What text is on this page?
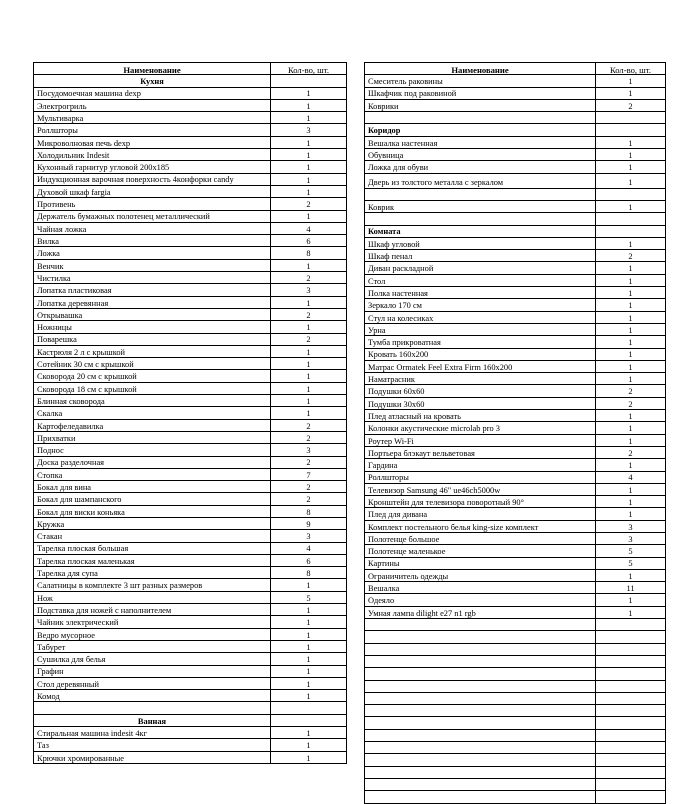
Наименование	Кол-во, шт.
Кухня	
Посудомоечная машина dexp	1
Электрогриль	1
Мультиварка	1
Роллшторы	3
Микроволновая печь dexp	1
Холодильник Indesit	1
Кухонный гарнитур угловой 200х185	1
Индукционная варочная поверхность 4конфорки candy	1
Духовой шкаф fargia	1
Противень	2
Держатель бумажных полотенец металлический	1
Чайная ложка	4
Вилка	6
Ложка	8
Венчик	1
Чистилка	2
Лопатка пластиковая	3
Лопатка деревянная	1
Открывашка	2
Ножницы	1
Поварешка	2
Кастрюля 2 л с крышкой	1
Сотейник 30 см с крышкой	1
Сковорода 20 см с крышкой	1
Сковорода 18 см с крышкой	1
Блинная сковорода	1
Скалка	1
Картофеледавилка	2
Прихватки	2
Поднос	3
Доска разделочная	2
Стопка	7
Бокал для вина	2
Бокал для шампанского	2
Бокал для виски коньяка	8
Кружка	9
Стакан	3
Тарелка плоская большая	4
Тарелка плоская маленькая	6
Тарелка для супа	8
Салатницы в комплекте 3 шт разных размеров	1
Нож	5
Подставка для ножей с наполнителем	1
Чайник электрический	1
Ведро мусорное	1
Табурет	1
Сушилка для белья	1
Графин	1
Стол деревянный	1
Комод	1

Ванная	
Стиральная машина indesit 4кг	1
Таз	1
Крючки хромированные	1
Наименование	Кол-во, шт.
Смеситель раковины	1
Шкафчик под раковиной	1
Коврики	2

Коридор	
Вешалка настенная	1
Обувница	1
Ложка для обуви	1
Дверь из толстого металла с зеркалом	1

Коврик	1

Комната	
Шкаф угловой	1
Шкаф пенал	2
Диван раскладной	1
Стол	1
Полка настенная	1
Зеркало 170 см	1
Стул на колесиках	1
Урна	1
Тумба прикроватная	1
Кровать 160х200	1
Матрас Ormatek Feel Extra Firm 160х200	1
Наматрасник	1
Подушки 60х60	2
Подушки 30х60	2
Плед атласный на кровать	1
Колонки акустические microlab pro 3	1
Роутер Wi-Fi	1
Портьера блэкаут вельветовая	2
Гардина	1
Роллшторы	4
Телевизор Samsung 46" ue46ch5000w	1
Кронштейн для телевизора поворотный 90°	1
Плед для дивана	1
Комплект постельного белья king-size комплект	3
Полотенце большое	3
Полотенце маленькое	5
Картины	5
Ограничитель одежды	1
Вешалка	11
Одеяло	1
Умная лампа dilight e27 n1 rgb	1
